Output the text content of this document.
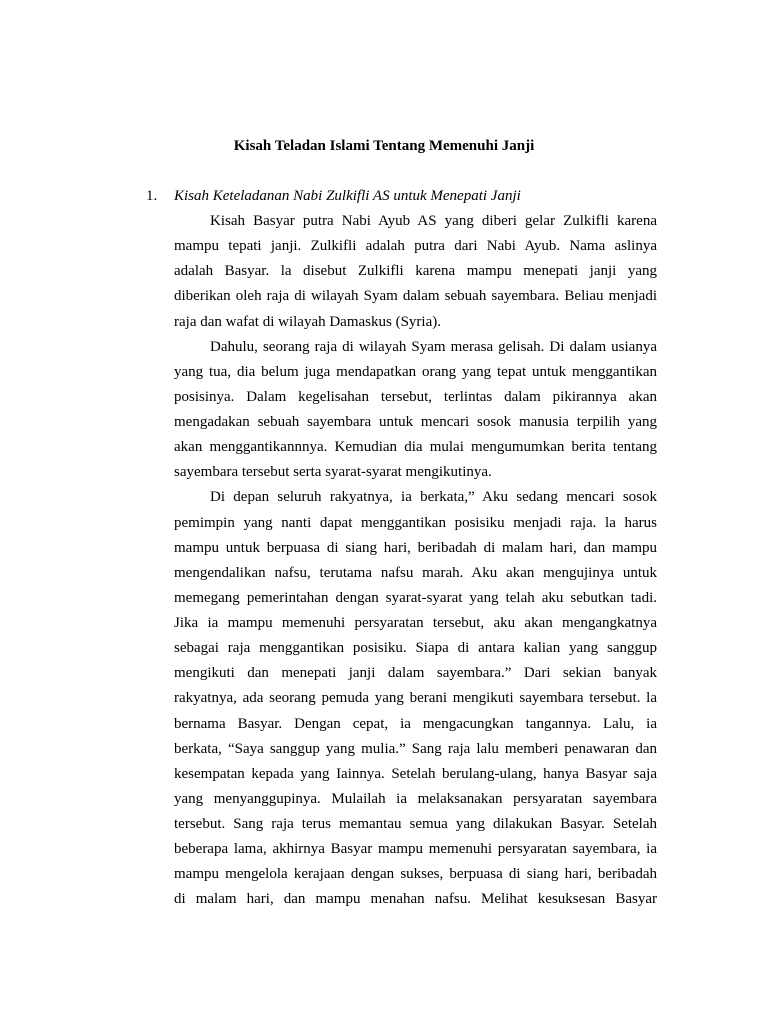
Kisah Teladan Islami Tentang Memenuhi Janji
1. Kisah Keteladanan Nabi Zulkifli AS untuk Menepati Janji
Kisah Basyar putra Nabi Ayub AS yang diberi gelar Zulkifli karena
mampu tepati janji. Zulkifli adalah putra dari Nabi Ayub. Nama aslinya
adalah Basyar. la disebut Zulkifli karena mampu menepati janji yang
diberikan oleh raja di wilayah Syam dalam sebuah sayembara. Beliau menjadi
raja dan wafat di wilayah Damaskus (Syria).
Dahulu, seorang raja di wilayah Syam merasa gelisah. Di dalam usianya
yang tua, dia belum juga mendapatkan orang yang tepat untuk menggantikan
posisinya. Dalam kegelisahan tersebut, terlintas dalam pikirannya akan
mengadakan sebuah sayembara untuk mencari sosok manusia terpilih yang
akan menggantikannnya. Kemudian dia mulai mengumumkan berita tentang
sayembara tersebut serta syarat-syarat mengikutinya.
Di depan seluruh rakyatnya, ia berkata,” Aku sedang mencari sosok
pemimpin yang nanti dapat menggantikan posisiku menjadi raja. la harus
mampu untuk berpuasa di siang hari, beribadah di malam hari, dan mampu
mengendalikan nafsu, terutama nafsu marah. Aku akan mengujinya untuk
memegang pemerintahan dengan syarat-syarat yang telah aku sebutkan tadi.
Jika ia mampu memenuhi persyaratan tersebut, aku akan mengangkatnya
sebagai raja menggantikan posisiku. Siapa di antara kalian yang sanggup
mengikuti dan menepati janji dalam sayembara.” Dari sekian banyak
rakyatnya, ada seorang pemuda yang berani mengikuti sayembara tersebut. la
bernama Basyar. Dengan cepat, ia mengacungkan tangannya. Lalu, ia
berkata, “Saya sanggup yang mulia.” Sang raja lalu memberi penawaran dan
kesempatan kepada yang Iainnya. Setelah berulang-ulang, hanya Basyar saja
yang menyanggupinya. Mulailah ia melaksanakan persyaratan sayembara
tersebut. Sang raja terus memantau semua yang dilakukan Basyar. Setelah
beberapa lama, akhirnya Basyar mampu memenuhi persyaratan sayembara, ia
mampu mengelola kerajaan dengan sukses, berpuasa di siang hari, beribadah
di malam hari, dan mampu menahan nafsu. Melihat kesuksesan Basyar
